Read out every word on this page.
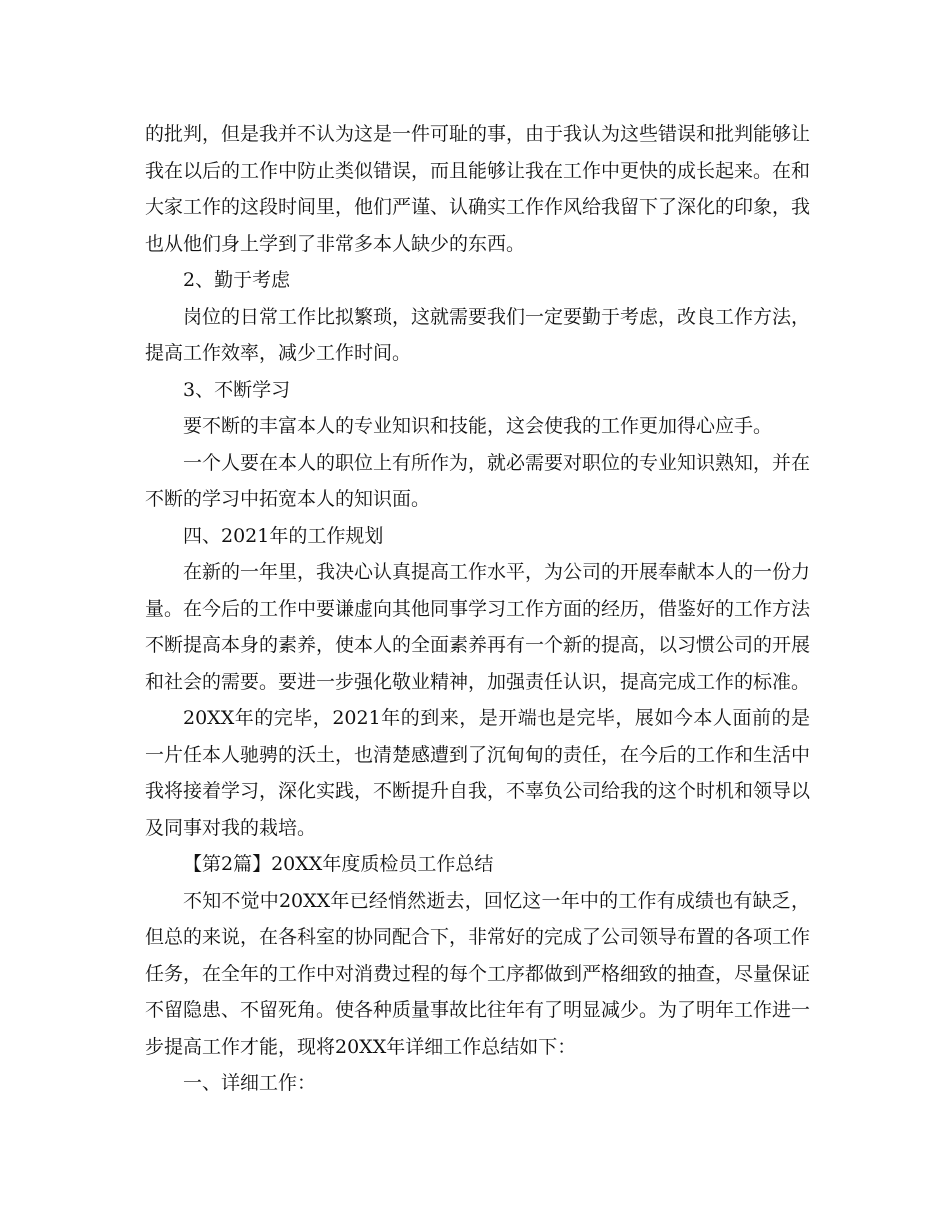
的批判，但是我并不认为这是一件可耻的事，由于我认为这些错误和批判能够让我在以后的工作中防止类似错误，而且能够让我在工作中更快的成长起来。在和大家工作的这段时间里，他们严谨、认确实工作作风给我留下了深化的印象，我也从他们身上学到了非常多本人缺少的东西。

2、勤于考虑

岗位的日常工作比拟繁琐，这就需要我们一定要勤于考虑，改良工作方法，提高工作效率，减少工作时间。

3、不断学习

要不断的丰富本人的专业知识和技能，这会使我的工作更加得心应手。

一个人要在本人的职位上有所作为，就必需要对职位的专业知识熟知，并在不断的学习中拓宽本人的知识面。

四、2021年的工作规划

在新的一年里，我决心认真提高工作水平，为公司的开展奉献本人的一份力量。在今后的工作中要谦虚向其他同事学习工作方面的经历，借鉴好的工作方法不断提高本身的素养，使本人的全面素养再有一个新的提高，以习惯公司的开展和社会的需要。要进一步强化敬业精神，加强责任认识，提高完成工作的标准。

20XX年的完毕，2021年的到来，是开端也是完毕，展如今本人面前的是一片任本人驰骋的沃土，也清楚感遭到了沉甸甸的责任，在今后的工作和生活中我将接着学习，深化实践，不断提升自我，不辜负公司给我的这个时机和领导以及同事对我的栽培。

【第2篇】20XX年度质检员工作总结

不知不觉中20XX年已经悄然逝去，回忆这一年中的工作有成绩也有缺乏，但总的来说，在各科室的协同配合下，非常好的完成了公司领导布置的各项工作任务，在全年的工作中对消费过程的每个工序都做到严格细致的抽查，尽量保证不留隐患、不留死角。使各种质量事故比往年有了明显减少。为了明年工作进一步提高工作才能，现将20XX年详细工作总结如下：

一、详细工作：
